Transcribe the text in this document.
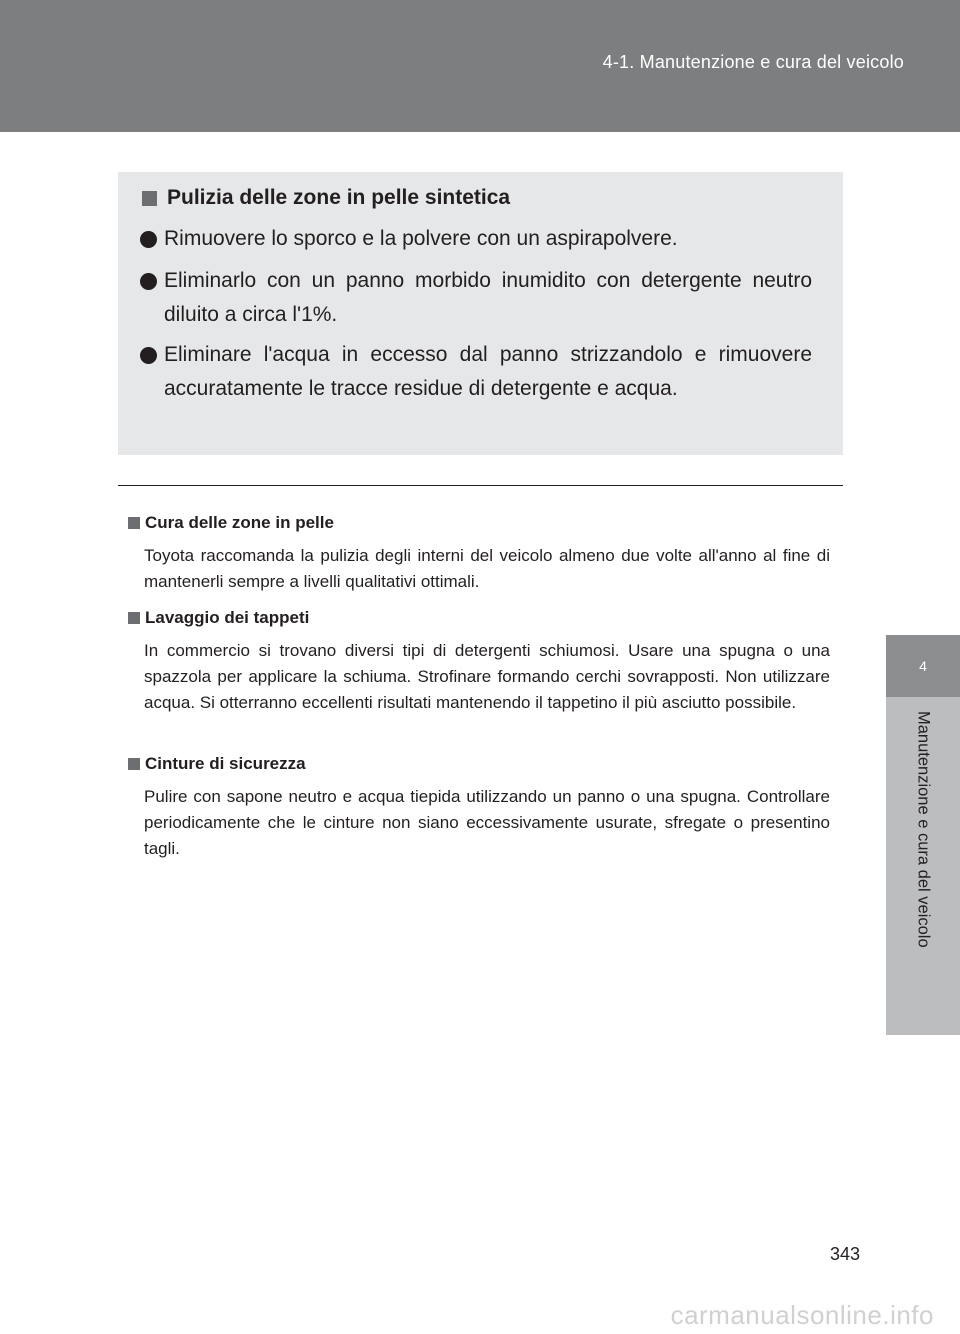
4-1. Manutenzione e cura del veicolo
4
Manutenzione e cura del veicolo
Pulizia delle zone in pelle sintetica
Rimuovere lo sporco e la polvere con un aspirapolvere.
Eliminarlo con un panno morbido inumidito con detergente neutro diluito a circa l'1%.
Eliminare l'acqua in eccesso dal panno strizzandolo e rimuovere accuratamente le tracce residue di detergente e acqua.
Cura delle zone in pelle
Toyota raccomanda la pulizia degli interni del veicolo almeno due volte all'anno al fine di mantenerli sempre a livelli qualitativi ottimali.
Lavaggio dei tappeti
In commercio si trovano diversi tipi di detergenti schiumosi. Usare una spugna o una spazzola per applicare la schiuma. Strofinare formando cerchi sovrapposti. Non utilizzare acqua. Si otterranno eccellenti risultati mantenendo il tappetino il più asciutto possibile.
Cinture di sicurezza
Pulire con sapone neutro e acqua tiepida utilizzando un panno o una spugna. Controllare periodicamente che le cinture non siano eccessivamente usurate, sfregate o presentino tagli.
343
carmanualsonline.info
